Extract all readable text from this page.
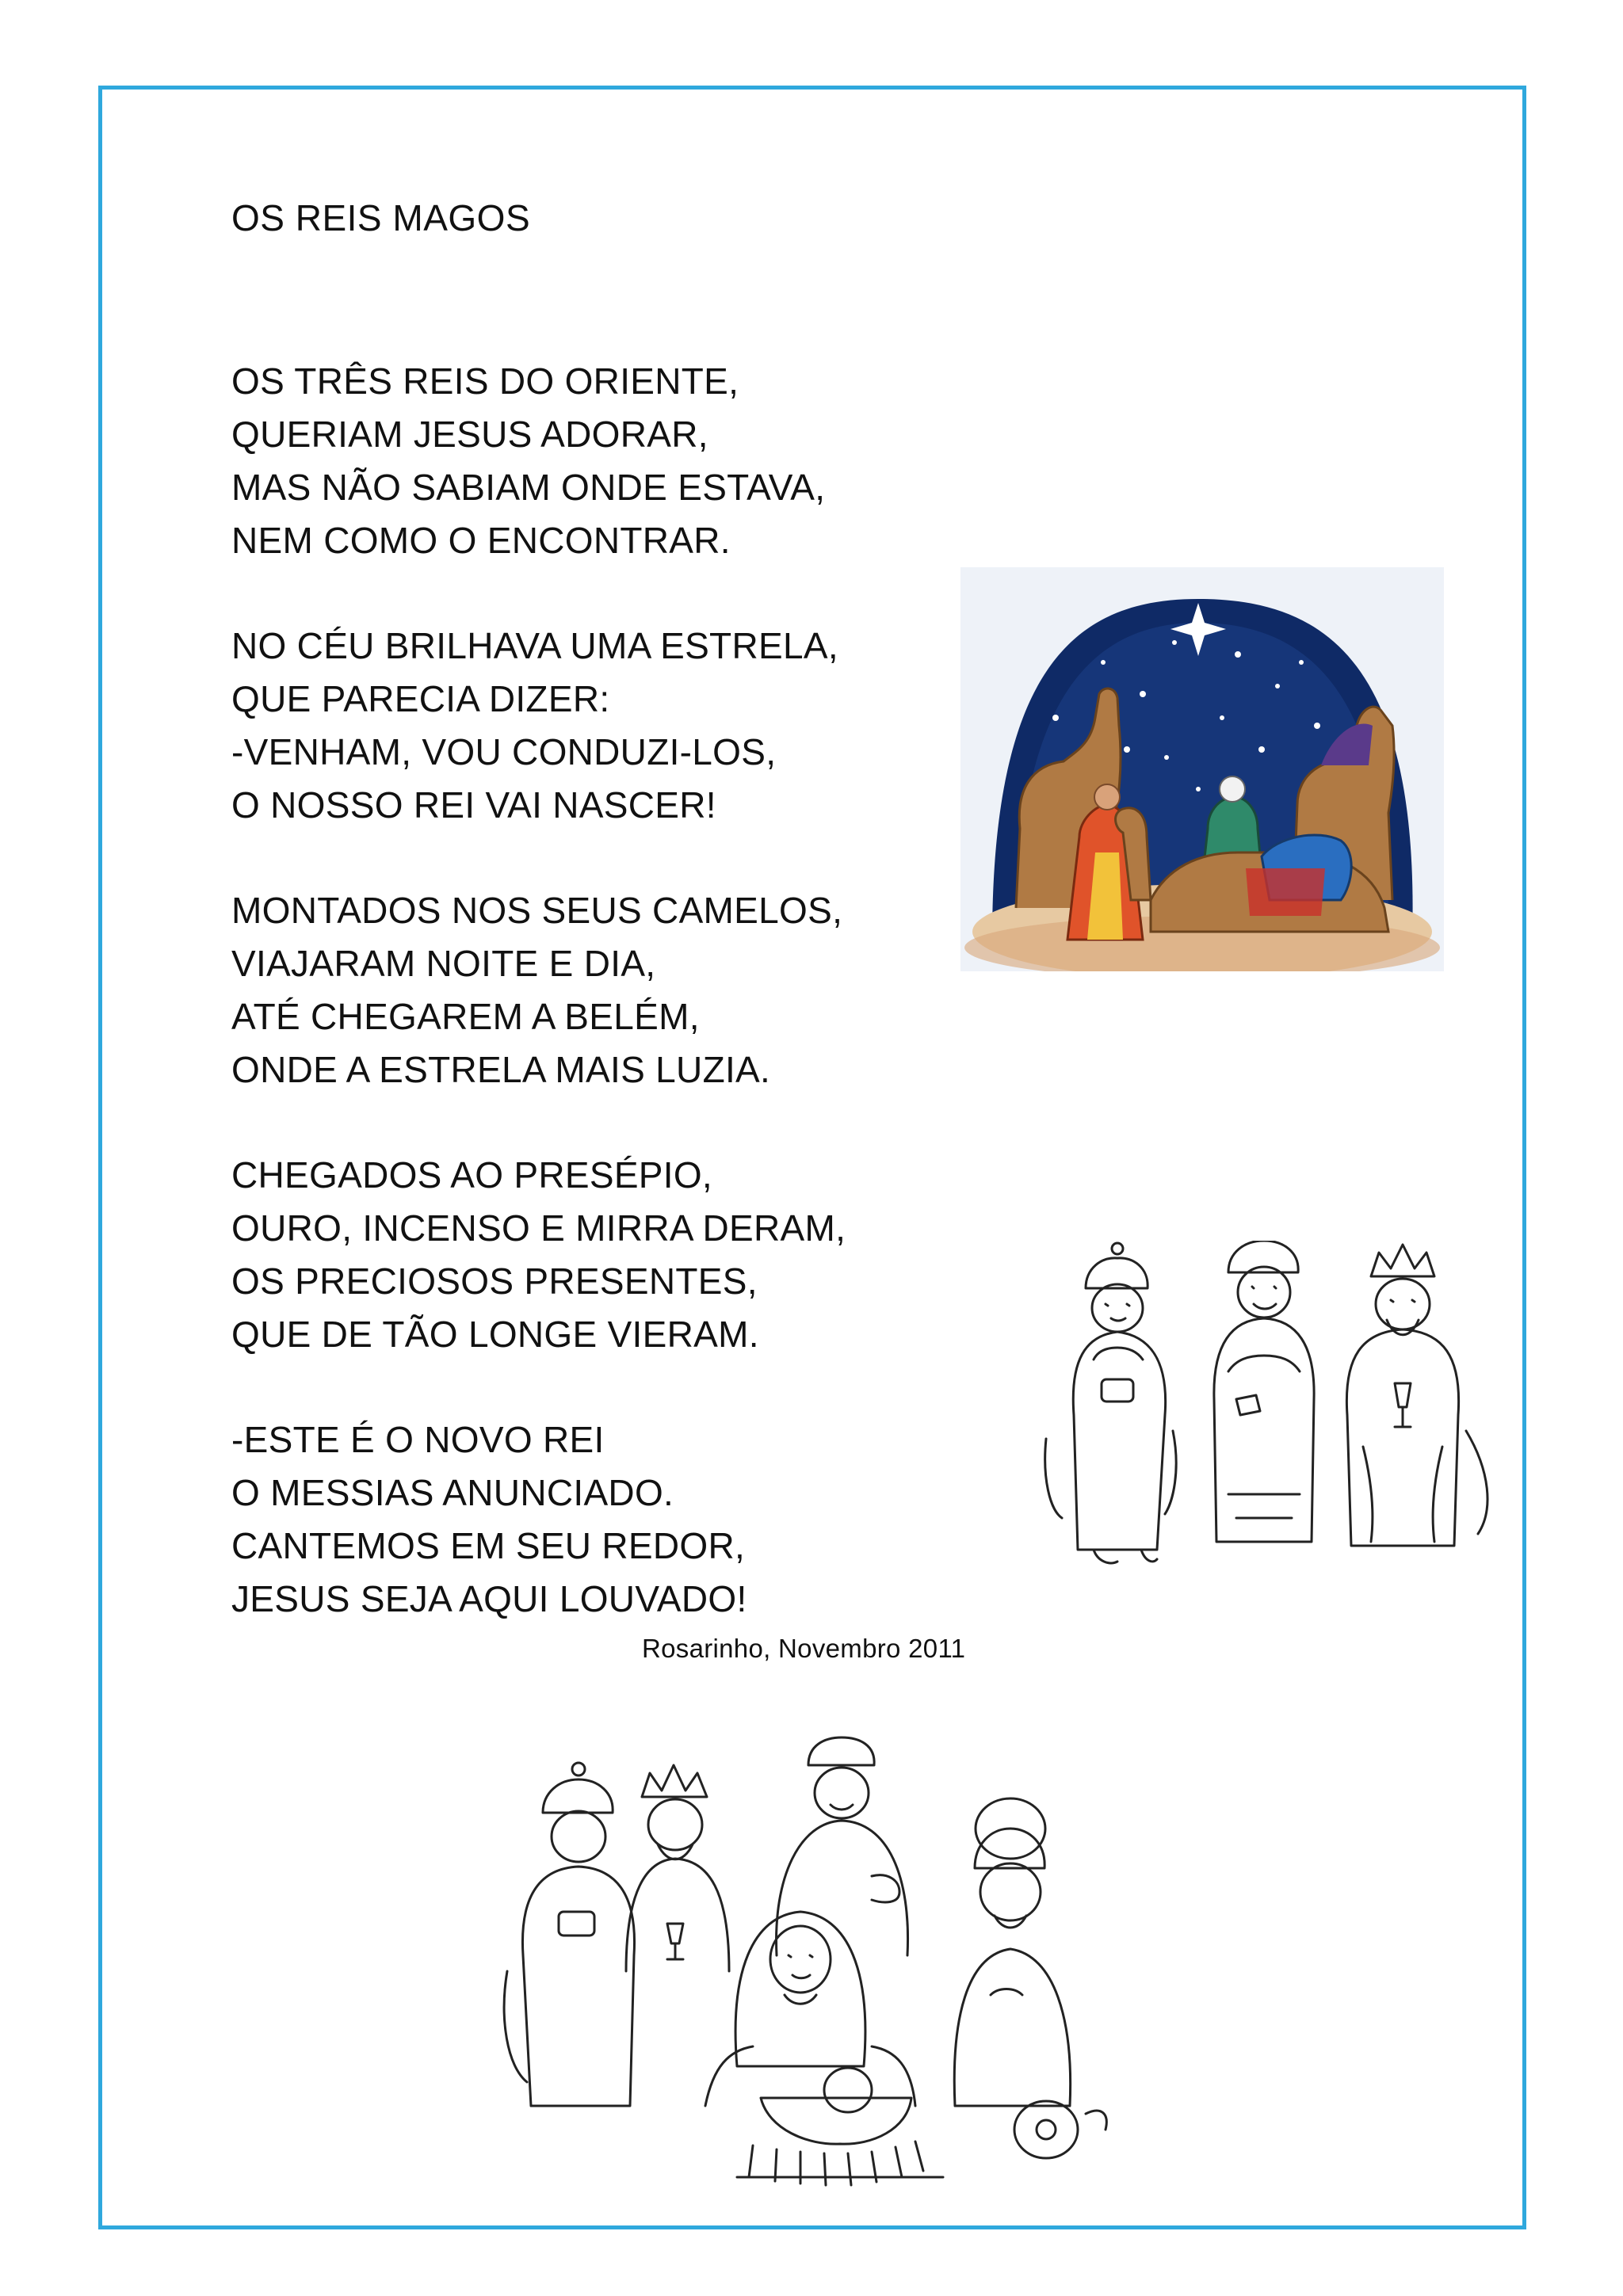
OS REIS MAGOS
OS TRÊS REIS DO ORIENTE,
QUERIAM JESUS ADORAR,
MAS NÃO SABIAM ONDE ESTAVA,
NEM COMO O ENCONTRAR.
NO CÉU BRILHAVA UMA ESTRELA,
QUE PARECIA DIZER:
-VENHAM, VOU CONDUZI-LOS,
O NOSSO REI VAI NASCER!
MONTADOS NOS SEUS CAMELOS,
VIAJARAM NOITE E DIA,
ATÉ CHEGAREM A BELÉM,
ONDE A ESTRELA MAIS LUZIA.
CHEGADOS AO PRESÉPIO,
OURO, INCENSO E MIRRA DERAM,
OS PRECIOSOS PRESENTES,
QUE DE TÃO LONGE VIERAM.
-ESTE É O NOVO REI
O MESSIAS ANUNCIADO.
CANTEMOS EM SEU REDOR,
JESUS SEJA AQUI LOUVADO!
Rosarinho, Novembro 2011
